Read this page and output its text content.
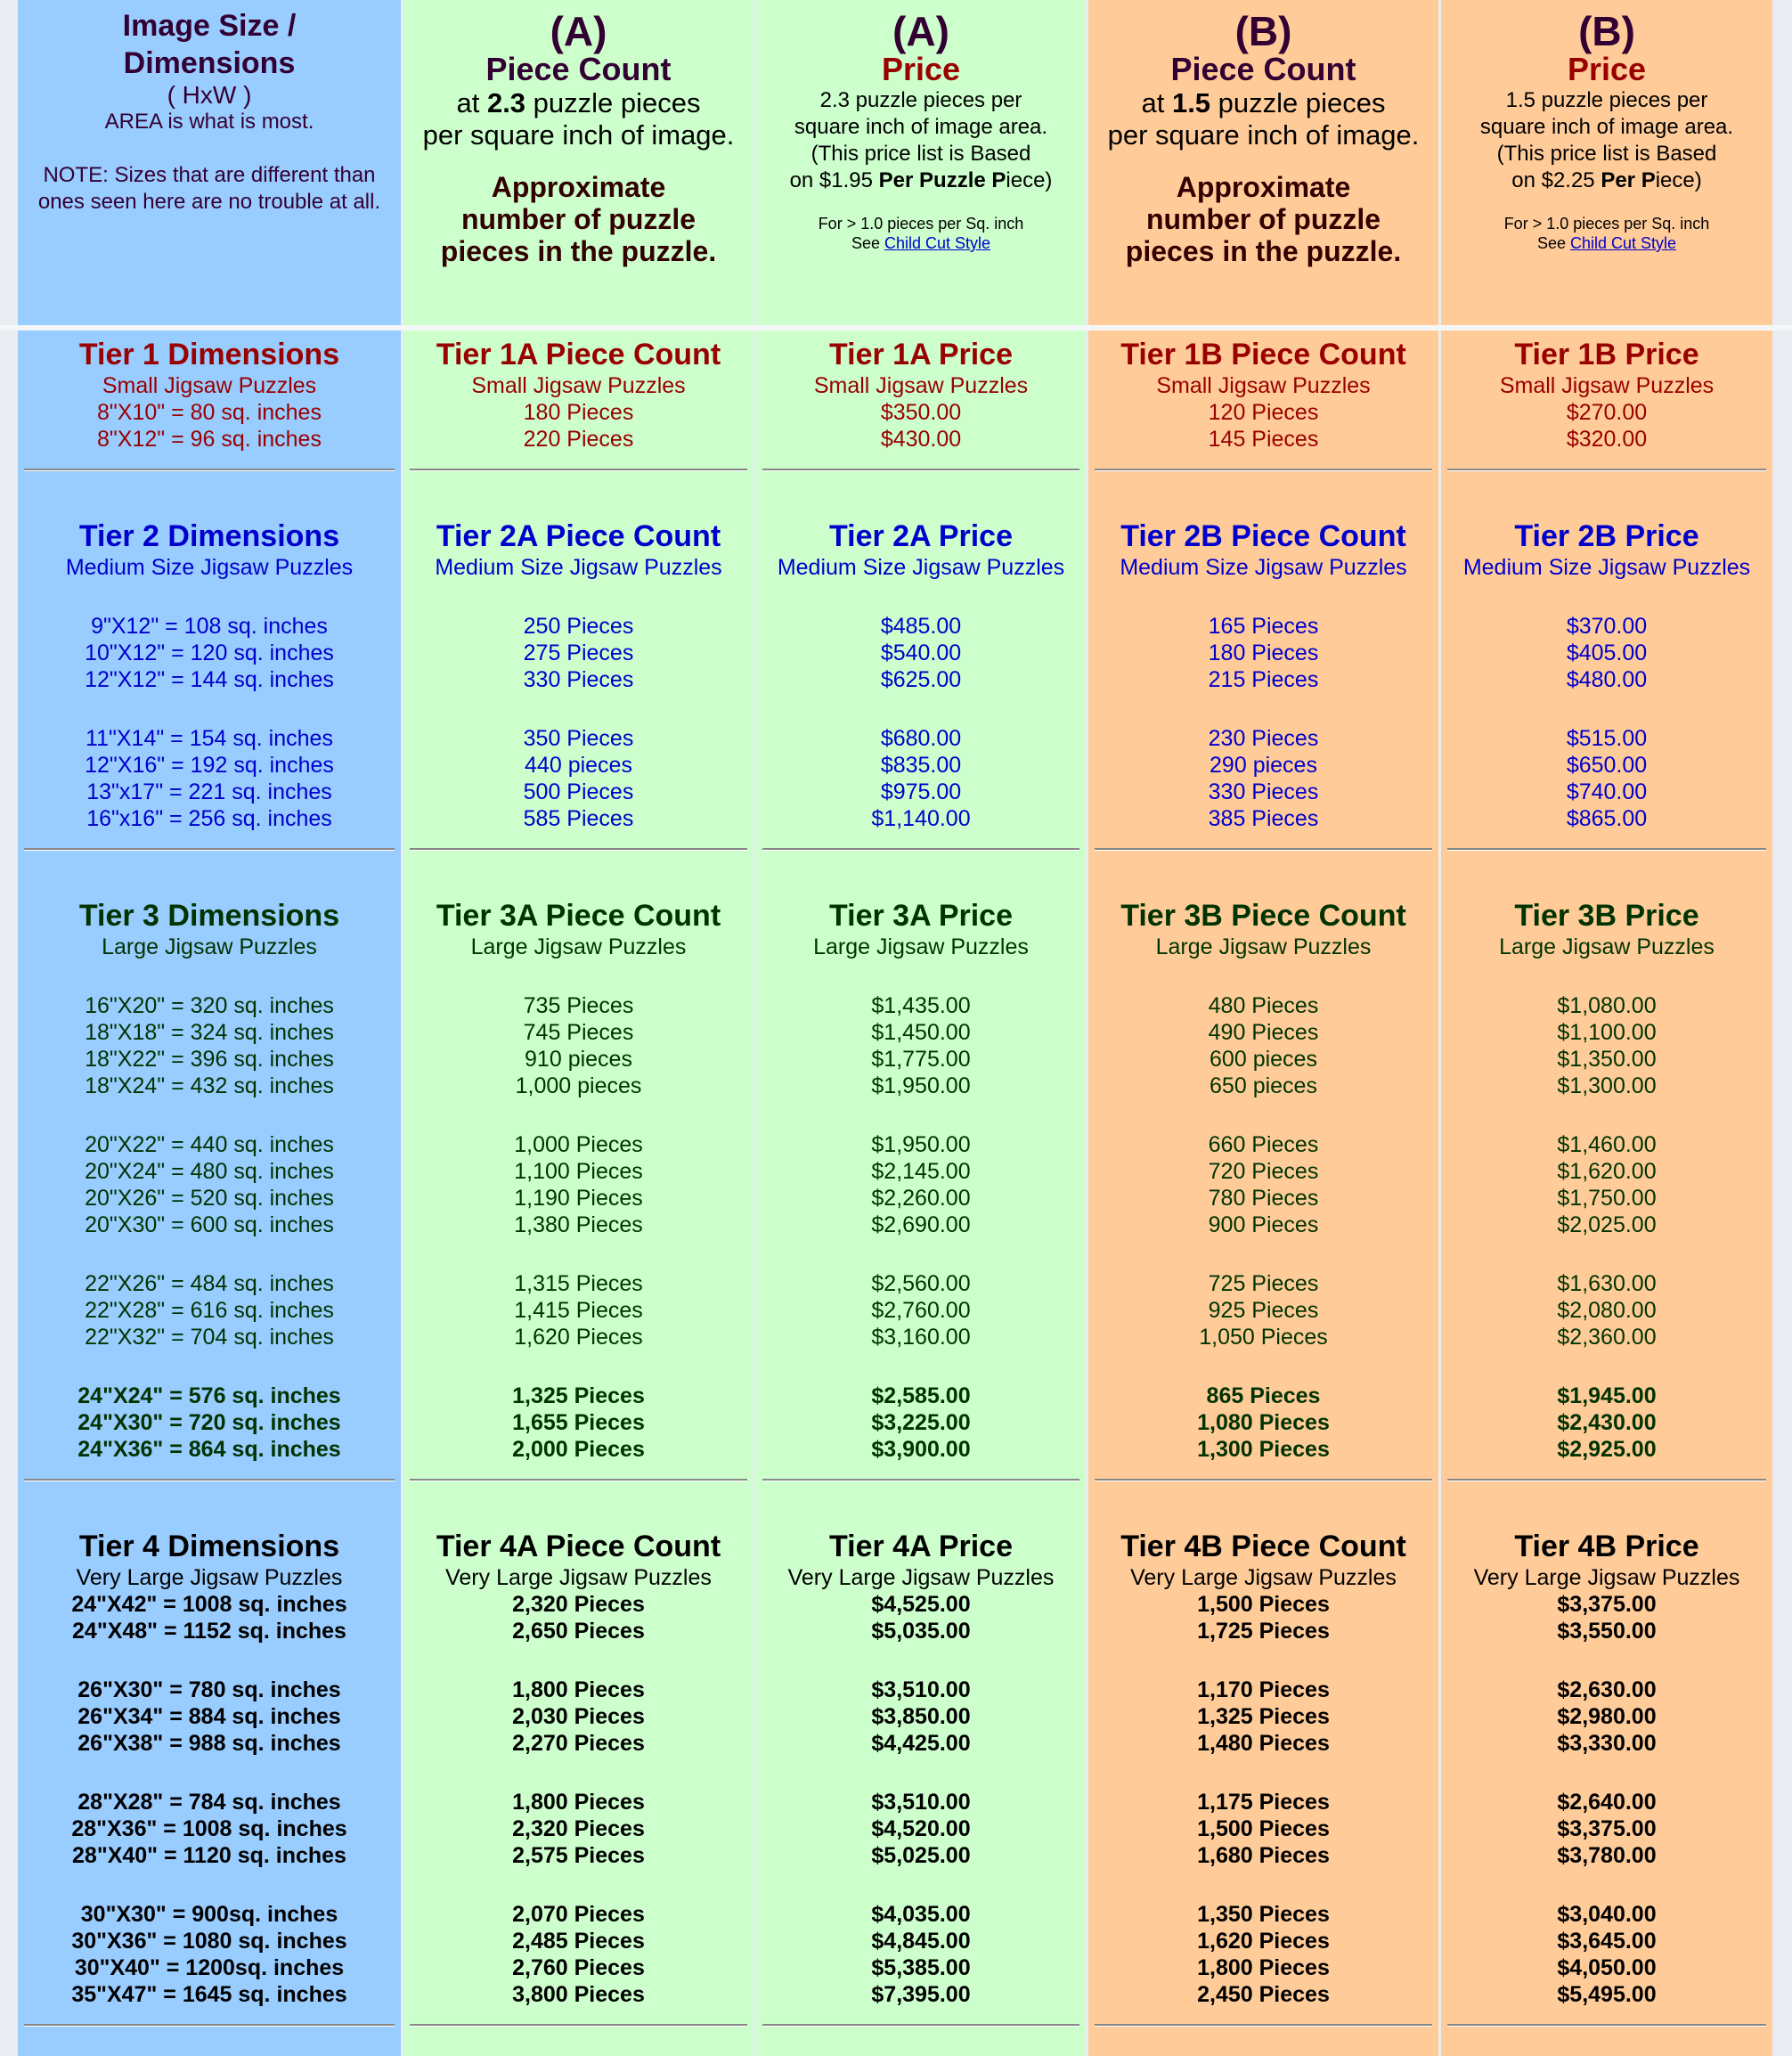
Image Size /
Dimensions
( HxW )
AREA is what is most.
NOTE: Sizes that are different than ones seen here are no trouble at all.
Tier 1 Dimensions
Small Jigsaw Puzzles
8"X10" = 80 sq. inches
8"X12" = 96 sq. inches
Tier 2 Dimensions
Medium Size Jigsaw Puzzles
9"X12" = 108 sq. inches
10"X12" = 120 sq. inches
12"X12" = 144 sq. inches
11"X14" = 154 sq. inches
12"X16" = 192 sq. inches
13"x17" = 221 sq. inches
16"x16" = 256 sq. inches
Tier 3 Dimensions
Large Jigsaw Puzzles
16"X20" = 320 sq. inches
18"X18" = 324 sq. inches
18"X22" = 396 sq. inches
18"X24" = 432 sq. inches
20"X22" = 440 sq. inches
20"X24" = 480 sq. inches
20"X26" = 520 sq. inches
20"X30" = 600 sq. inches
22"X26" = 484 sq. inches
22"X28" = 616 sq. inches
22"X32" = 704 sq. inches
24"X24" = 576 sq. inches
24"X30" = 720 sq. inches
24"X36" = 864 sq. inches
Tier 4 Dimensions
Very Large Jigsaw Puzzles
24"X42" = 1008 sq. inches
24"X48" = 1152 sq. inches
26"X30" = 780 sq. inches
26"X34" = 884 sq. inches
26"X38" = 988 sq. inches
28"X28" = 784 sq. inches
28"X36" = 1008 sq. inches
28"X40" = 1120 sq. inches
30"X30" = 900sq. inches
30"X36" = 1080 sq. inches
30"X40" = 1200sq. inches
35"X47" = 1645 sq. inches
(A)
Piece Count
at 2.3 puzzle pieces
per square inch of image.
Approximate number of puzzle pieces in the puzzle.
Tier 1A Piece Count
Small Jigsaw Puzzles
180 Pieces
220 Pieces
Tier 2A Piece Count
Medium Size Jigsaw Puzzles
250 Pieces
275 Pieces
330 Pieces
350 Pieces
440 pieces
500 Pieces
585 Pieces
Tier 3A Piece Count
Large Jigsaw Puzzles
735 Pieces
745 Pieces
910 pieces
1,000 pieces
1,000 Pieces
1,100 Pieces
1,190 Pieces
1,380 Pieces
1,315 Pieces
1,415 Pieces
1,620 Pieces
1,325 Pieces
1,655 Pieces
2,000 Pieces
Tier 4A Piece Count
Very Large Jigsaw Puzzles
2,320 Pieces
2,650 Pieces
1,800 Pieces
2,030 Pieces
2,270 Pieces
1,800 Pieces
2,320 Pieces
2,575 Pieces
2,070 Pieces
2,485 Pieces
2,760 Pieces
3,800 Pieces
(A)
Price
2.3 puzzle pieces per
square inch of image area.
(This price list is Based
on $1.95 Per Puzzle Piece)
For > 1.0 pieces per Sq. inch
See Child Cut Style
Tier 1A Price
Small Jigsaw Puzzles
$350.00
$430.00
Tier 2A Price
Medium Size Jigsaw Puzzles
$485.00
$540.00
$625.00
$680.00
$835.00
$975.00
$1,140.00
Tier 3A Price
Large Jigsaw Puzzles
$1,435.00
$1,450.00
$1,775.00
$1,950.00
$1,950.00
$2,145.00
$2,260.00
$2,690.00
$2,560.00
$2,760.00
$3,160.00
$2,585.00
$3,225.00
$3,900.00
Tier 4A Price
Very Large Jigsaw Puzzles
$4,525.00
$5,035.00
$3,510.00
$3,850.00
$4,425.00
$3,510.00
$4,520.00
$5,025.00
$4,035.00
$4,845.00
$5,385.00
$7,395.00
(B)
Piece Count
at 1.5 puzzle pieces
per square inch of image.
Approximate number of puzzle pieces in the puzzle.
Tier 1B Piece Count
Small Jigsaw Puzzles
120 Pieces
145 Pieces
Tier 2B Piece Count
Medium Size Jigsaw Puzzles
165 Pieces
180 Pieces
215 Pieces
230 Pieces
290 pieces
330 Pieces
385 Pieces
Tier 3B Piece Count
Large Jigsaw Puzzles
480 Pieces
490 Pieces
600 pieces
650 pieces
660 Pieces
720 Pieces
780 Pieces
900 Pieces
725 Pieces
925 Pieces
1,050 Pieces
865 Pieces
1,080 Pieces
1,300 Pieces
Tier 4B Piece Count
Very Large Jigsaw Puzzles
1,500 Pieces
1,725 Pieces
1,170 Pieces
1,325 Pieces
1,480 Pieces
1,175 Pieces
1,500 Pieces
1,680 Pieces
1,350 Pieces
1,620 Pieces
1,800 Pieces
2,450 Pieces
(B)
Price
1.5 puzzle pieces per
square inch of image area.
(This price list is Based
on $2.25 Per Piece)
For > 1.0 pieces per Sq. inch
See Child Cut Style
Tier 1B Price
Small Jigsaw Puzzles
$270.00
$320.00
Tier 2B Price
Medium Size Jigsaw Puzzles
$370.00
$405.00
$480.00
$515.00
$650.00
$740.00
$865.00
Tier 3B Price
Large Jigsaw Puzzles
$1,080.00
$1,100.00
$1,350.00
$1,300.00
$1,460.00
$1,620.00
$1,750.00
$2,025.00
$1,630.00
$2,080.00
$2,360.00
$1,945.00
$2,430.00
$2,925.00
Tier 4B Price
Very Large Jigsaw Puzzles
$3,375.00
$3,550.00
$2,630.00
$2,980.00
$3,330.00
$2,640.00
$3,375.00
$3,780.00
$3,040.00
$3,645.00
$4,050.00
$5,495.00
